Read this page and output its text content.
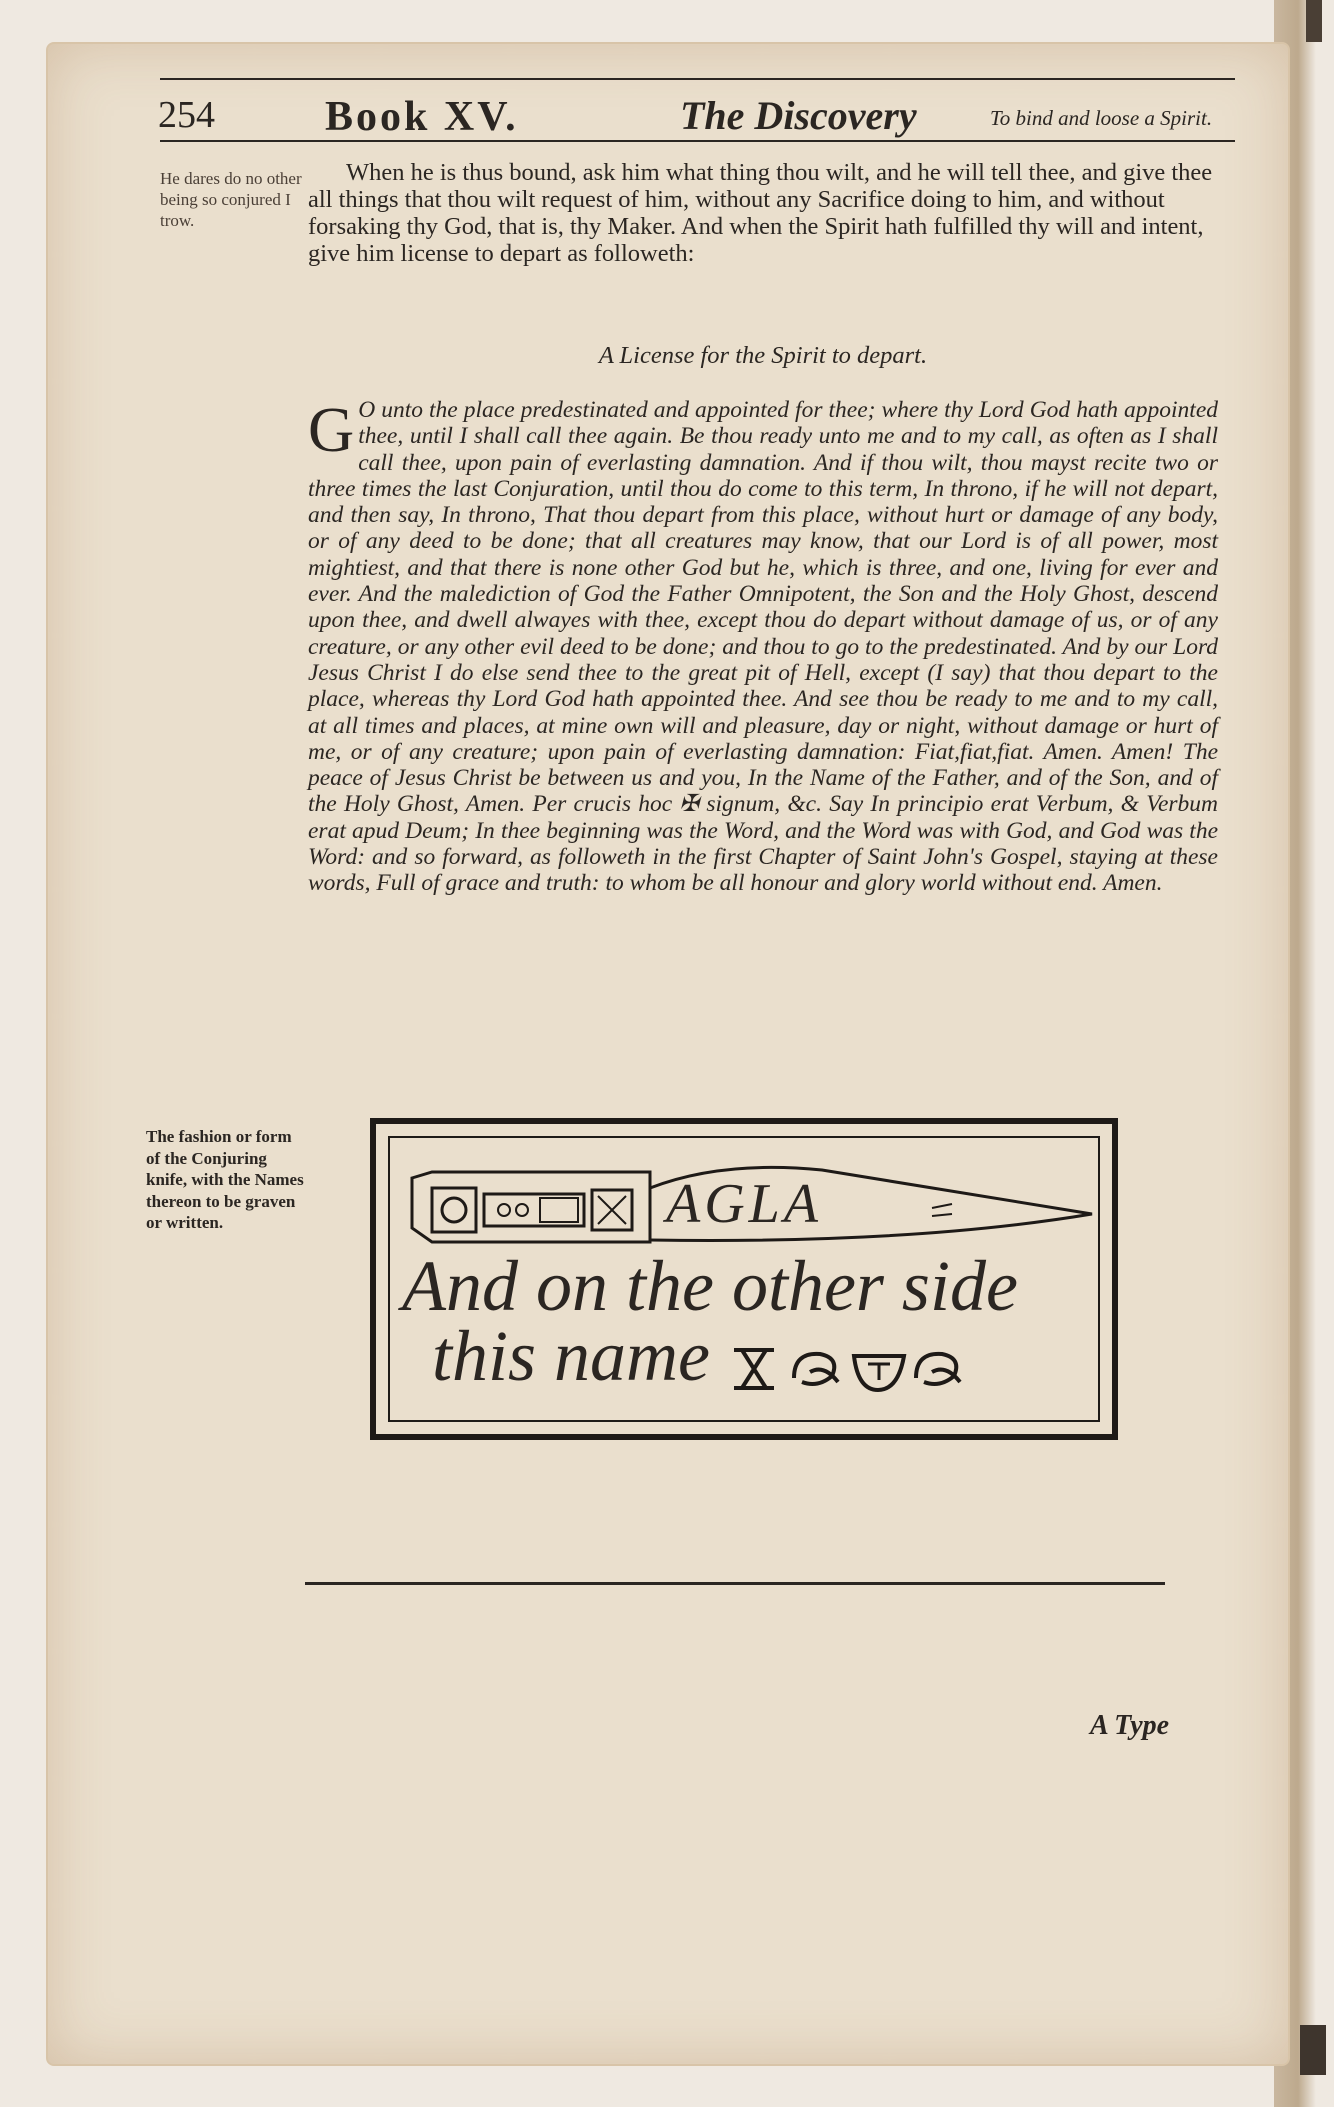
254	Book XV.	The Discovery	To bind and loose a Spirit.
He dares do no other being so conjured I trow.
The fashion or form of the Conjuring knife, with the Names thereon to be graven or written.
When he is thus bound, ask him what thing thou wilt, and he will tell thee, and give thee all things that thou wilt request of him, without any Sacrifice doing to him, and without forsaking thy God, that is, thy Maker. And when the Spirit hath fulfilled thy will and intent, give him license to depart as followeth:
A License for the Spirit to depart.
G O unto the place predestinated and appointed for thee; where thy Lord God hath appointed thee, until I shall call thee again. Be thou ready unto me and to my call, as often as I shall call thee, upon pain of everlasting damnation. And if thou wilt, thou mayst recite two or three times the last Conjuration, until thou do come to this term, In throno, if he will not depart, and then say, In throno, That thou depart from this place, without hurt or damage of any body, or of any deed to be done; that all creatures may know, that our Lord is of all power, most mightiest, and that there is none other God but he, which is three, and one, living for ever and ever. And the malediction of God the Father Omnipotent, the Son and the Holy Ghost, descend upon thee, and dwell alwayes with thee, except thou do depart without damage of us, or of any creature, or any other evil deed to be done; and thou to go to the predestinated. And by our Lord Jesus Christ I do else send thee to the great pit of Hell, except (I say) that thou depart to the place, whereas thy Lord God hath appointed thee. And see thou be ready to me and to my call, at all times and places, at mine own will and pleasure, day or night, without damage or hurt of me, or of any creature; upon pain of everlasting damnation: Fiat,fiat,fiat. Amen. Amen! The peace of Jesus Christ be between us and you, In the Name of the Father, and of the Son, and of the Holy Ghost, Amen. Per crucis hoc ✠ signum, &c. Say In principio erat Verbum, & Verbum erat apud Deum; In thee beginning was the Word, and the Word was with God, and God was the Word: and so forward, as followeth in the first Chapter of Saint John's Gospel, staying at these words, Full of grace and truth: to whom be all honour and glory world without end. Amen.
AGLA
And on the other side
this name
A Type
